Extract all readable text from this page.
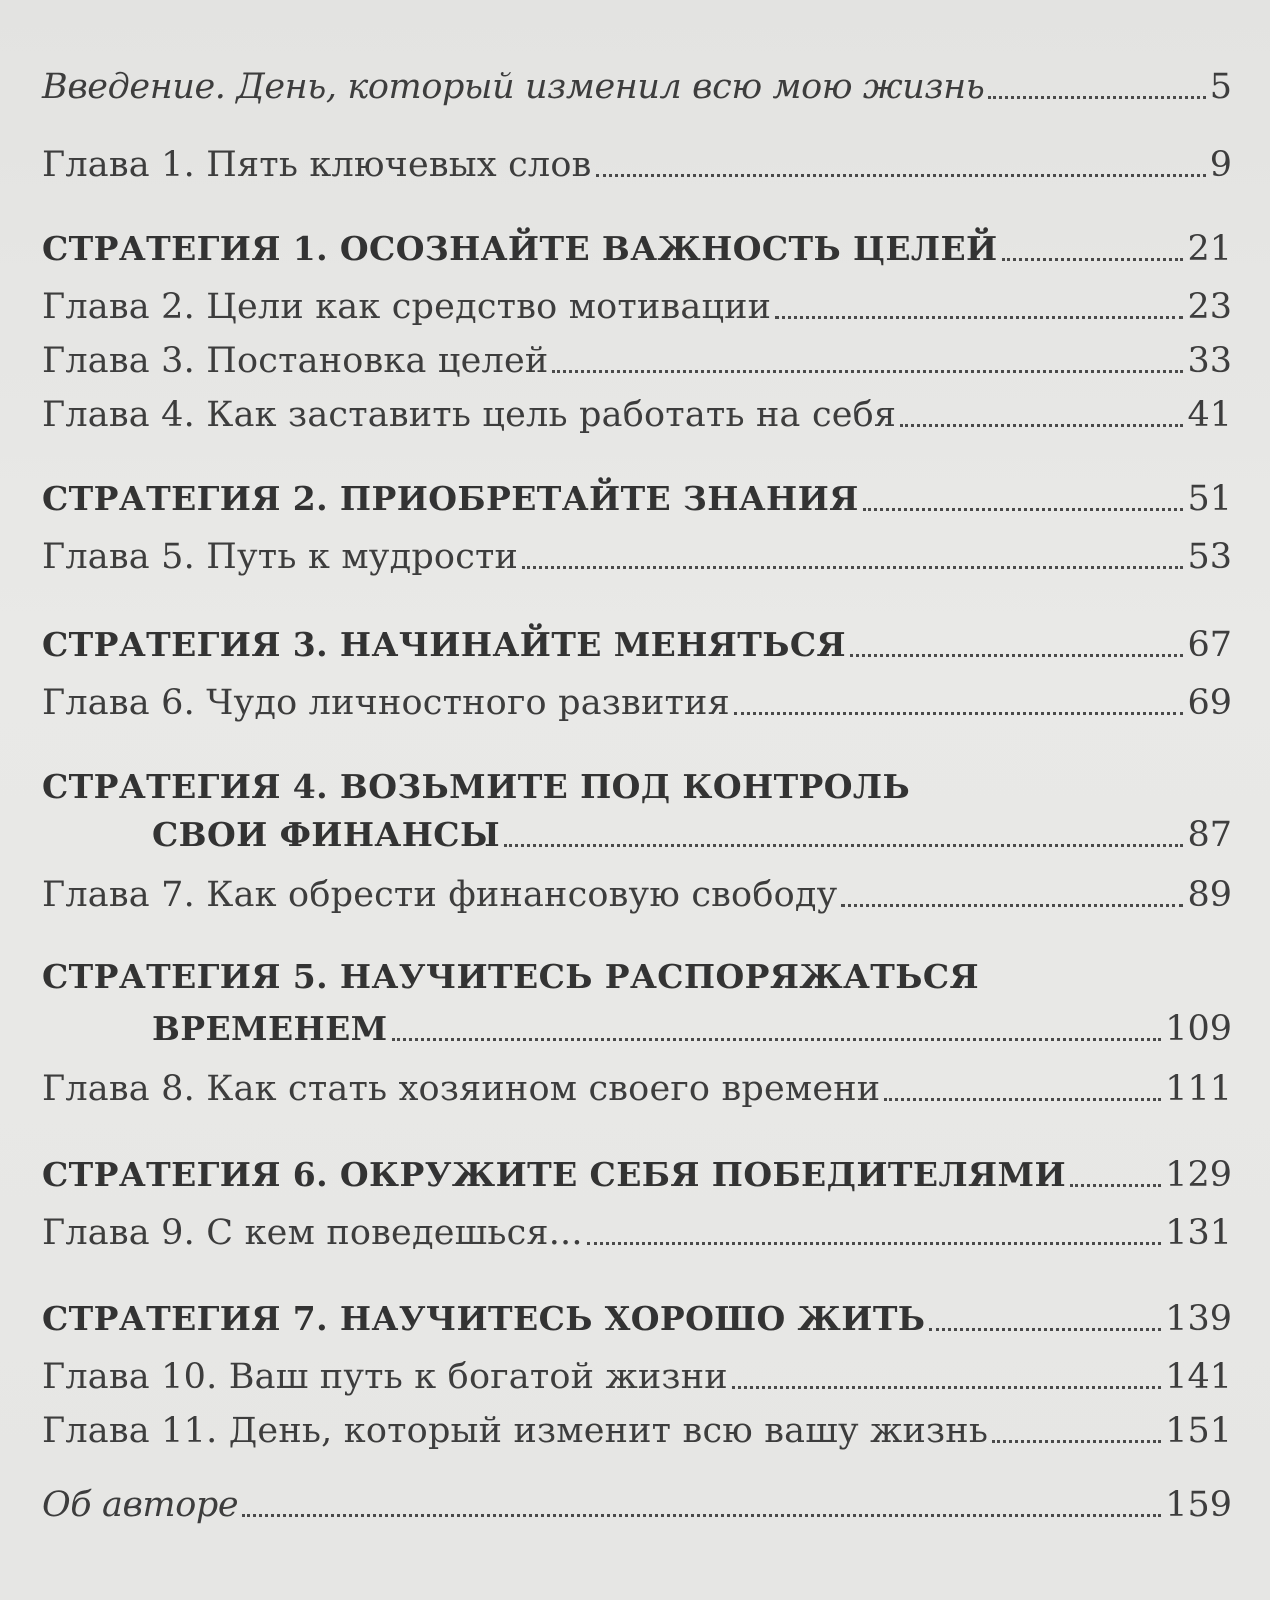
Введение. День, который изменил всю мою жизнь	5
Глава 1. Пять ключевых слов	9
СТРАТЕГИЯ 1. ОСОЗНАЙТЕ ВАЖНОСТЬ ЦЕЛЕЙ	21
Глава 2. Цели как средство мотивации	23
Глава 3. Постановка целей	33
Глава 4. Как заставить цель работать на себя	41
СТРАТЕГИЯ 2. ПРИОБРЕТАЙТЕ ЗНАНИЯ	51
Глава 5. Путь к мудрости	53
СТРАТЕГИЯ 3. НАЧИНАЙТЕ МЕНЯТЬСЯ	67
Глава 6. Чудо личностного развития	69
СТРАТЕГИЯ 4. ВОЗЬМИТЕ ПОД КОНТРОЛЬ
СВОИ ФИНАНСЫ	87
Глава 7. Как обрести финансовую свободу	89
СТРАТЕГИЯ 5. НАУЧИТЕСЬ РАСПОРЯЖАТЬСЯ
ВРЕМЕНЕМ	109
Глава 8. Как стать хозяином своего времени	111
СТРАТЕГИЯ 6. ОКРУЖИТЕ СЕБЯ ПОБЕДИТЕЛЯМИ	129
Глава 9. С кем поведешься...	131
СТРАТЕГИЯ 7. НАУЧИТЕСЬ ХОРОШО ЖИТЬ	139
Глава 10. Ваш путь к богатой жизни	141
Глава 11. День, который изменит всю вашу жизнь	151
Об авторе	159
